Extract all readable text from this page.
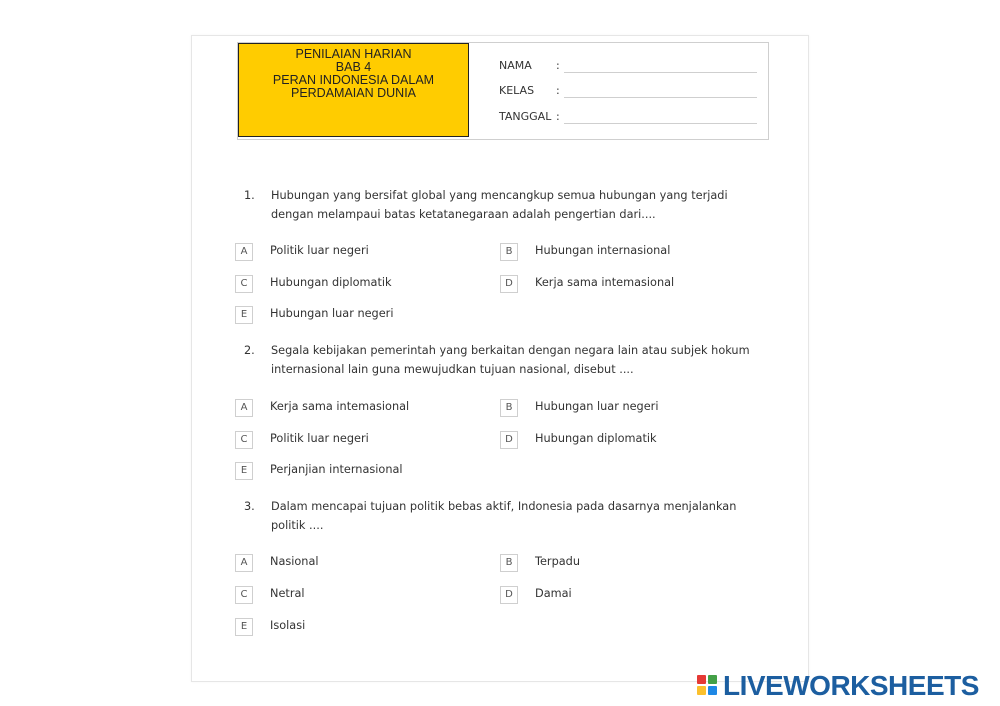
PENILAIAN HARIAN
BAB 4
PERAN INDONESIA DALAM
PERDAMAIAN DUNIA
NAMA :
KELAS :
TANGGAL :
1. Hubungan yang bersifat global yang mencangkup semua hubungan yang terjadi dengan melampaui batas ketatanegaraan adalah pengertian dari....
A	Politik luar negeri	B	Hubungan internasional
C	Hubungan diplomatik	D	Kerja sama intemasional
E	Hubungan luar negeri
2. Segala kebijakan pemerintah yang berkaitan dengan negara lain atau subjek hokum internasional lain guna mewujudkan tujuan nasional, disebut ....
A	Kerja sama intemasional	B	Hubungan luar negeri
C	Politik luar negeri	D	Hubungan diplomatik
E	Perjanjian internasional
3. Dalam mencapai tujuan politik bebas aktif, Indonesia pada dasarnya menjalankan politik ....
A	Nasional	B	Terpadu
C	Netral	D	Damai
E	Isolasi
LIVEWORKSHEETS
